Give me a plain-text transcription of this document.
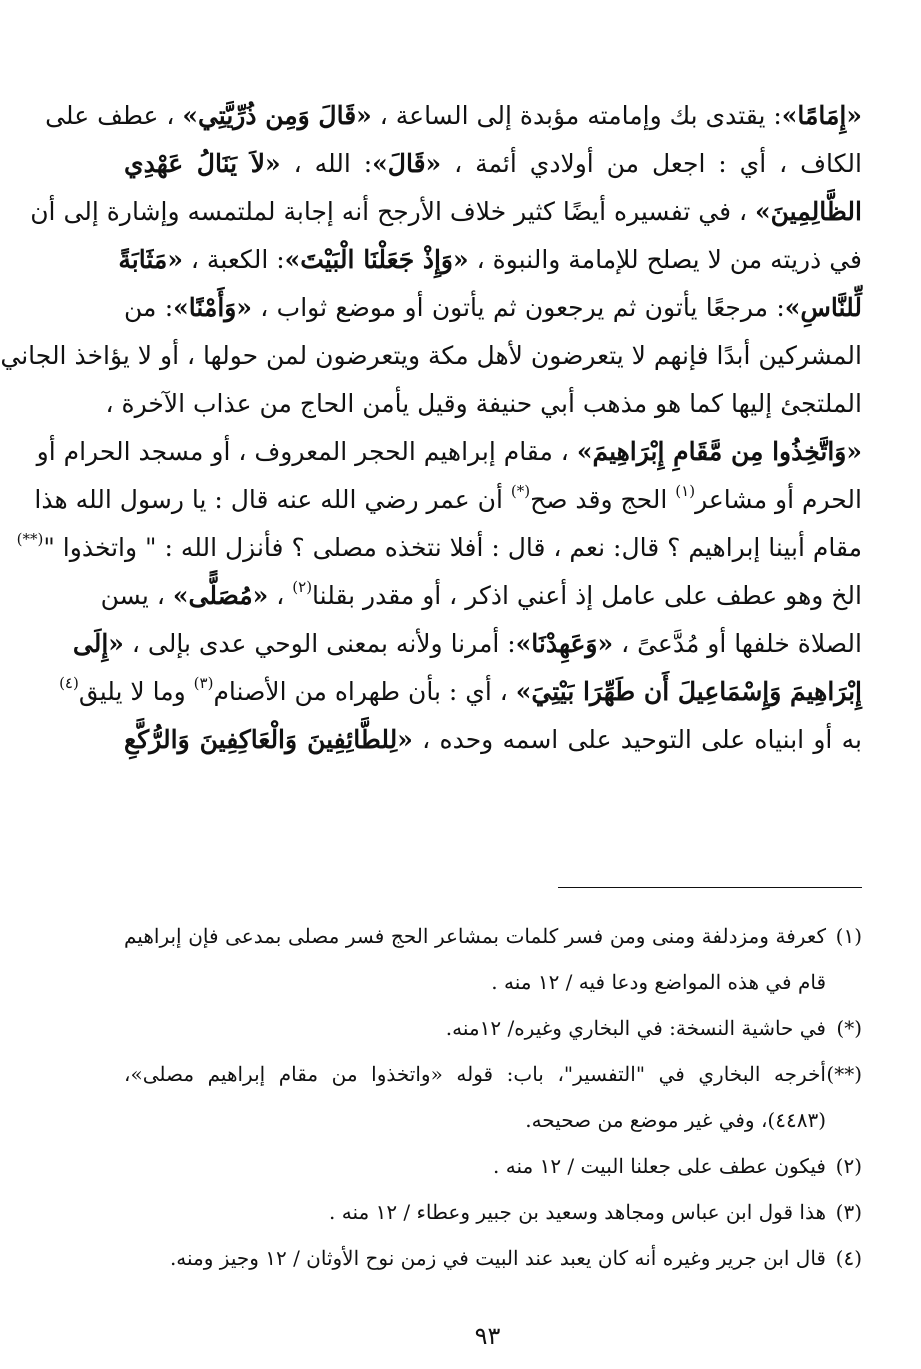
«إِمَامًا»: يقتدى بك وإمامته مؤبدة إلى الساعة ، «قَالَ وَمِن ذُرِّيَّتِي» ، عطف على
الكاف ، أي : اجعل من أولادي أئمة ، «قَالَ»: الله ، «لاَ يَنَالُ عَهْدِي
الظَّالِمِينَ» ، في تفسيره أيضًا كثير خلاف الأرجح أنه إجابة لملتمسه وإشارة إلى أن
في ذريته من لا يصلح للإمامة والنبوة ، «وَإِذْ جَعَلْنَا الْبَيْتَ»: الكعبة ، «مَثَابَةً
لِّلنَّاسِ»: مرجعًا يأتون ثم يرجعون ثم يأتون أو موضع ثواب ، «وَأَمْنًا»: من
المشركين أبدًا فإنهم لا يتعرضون لأهل مكة ويتعرضون لمن حولها ، أو لا يؤاخذ الجاني
الملتجئ إليها كما هو مذهب أبي حنيفة وقيل يأمن الحاج من عذاب الآخرة ،
«وَاتَّخِذُوا مِن مَّقَامِ إِبْرَاهِيمَ» ، مقام إبراهيم الحجر المعروف ، أو مسجد الحرام أو
الحرم أو مشاعر$^{(١)}$ الحج وقد صح(*) أن عمر رضي الله عنه قال : يا رسول الله هذا
مقام أبينا إبراهيم ؟ قال: نعم ، قال : أفلا نتخذه مصلى ؟ فأنزل الله : " واتخذوا "(**)
الخ وهو عطف على عامل إذ أعني اذكر ، أو مقدر بقلنا$^{(٢)}$ ، «مُصَلًّى» ، يسن
الصلاة خلفها أو مُدَّعىً ، «وَعَهِدْنَا»: أمرنا ولأنه بمعنى الوحي عدى بإلى ، «إِلَى
إِبْرَاهِيمَ وَإِسْمَاعِيلَ أَن طَهِّرَا بَيْتِيَ» ، أي : بأن طهراه من الأصنام$^{(٣)}$ وما لا يليق$^{(٤)}$
به أو ابنياه على التوحيد على اسمه وحده ، «لِلطَّائِفِينَ وَالْعَاكِفِينَ وَالرُّكَّعِ
(١)كعرفة ومزدلفة ومنى ومن فسر كلمات بمشاعر الحج فسر مصلى بمدعى فإن إبراهيم
قام في هذه المواضع ودعا فيه / ١٢ منه .
(*)في حاشية النسخة: في البخاري وغيره/ ١٢منه.
(**)أخرجه البخاري في "التفسير"، باب: قوله «واتخذوا من مقام إبراهيم مصلى»،
(٤٤٨٣)، وفي غير موضع من صحيحه.
(٢)فيكون عطف على جعلنا البيت / ١٢ منه .
(٣)هذا قول ابن عباس ومجاهد وسعيد بن جبير وعطاء / ١٢ منه .
(٤)قال ابن جرير وغيره أنه كان يعبد عند البيت في زمن نوح الأوثان / ١٢ وجيز ومنه.
٩٣
